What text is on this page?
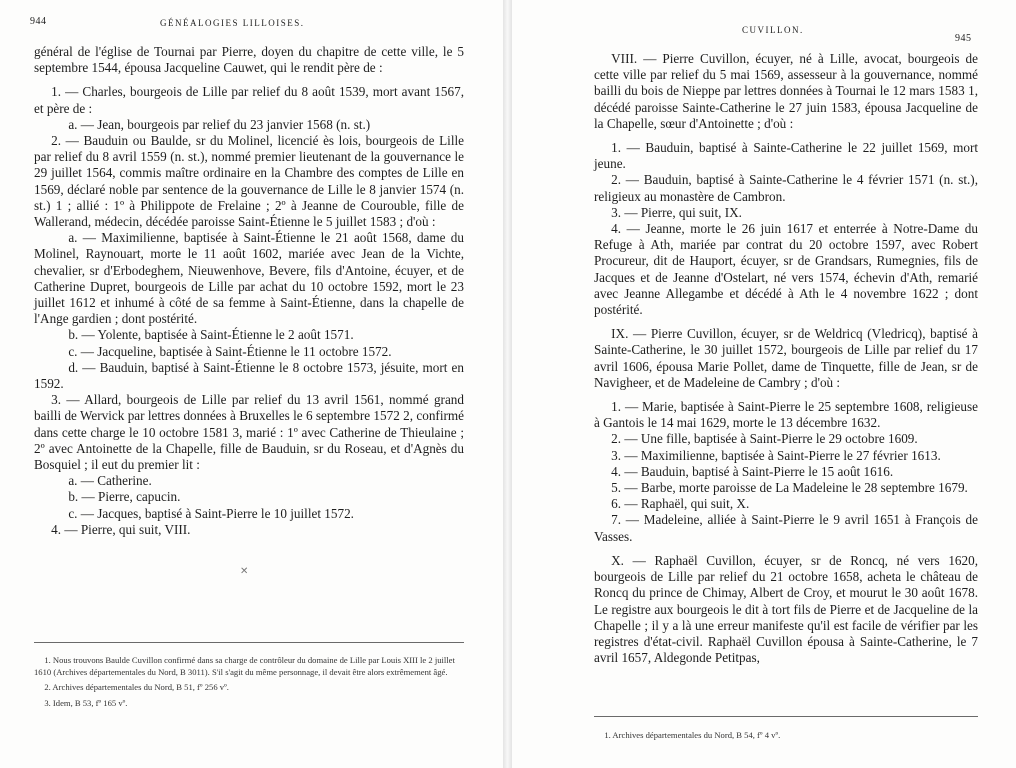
944	GÉNÉALOGIES LILLOISES.

général de l'église de Tournai par Pierre, doyen du chapitre de cette ville, le 5 septembre 1544, épousa Jacqueline Cauwet, qui le rendit père de :

1. — Charles, bourgeois de Lille par relief du 8 août 1539, mort avant 1567, et père de :

a. — Jean, bourgeois par relief du 23 janvier 1568 (n. st.)

2. — Bauduin ou Baulde, sr du Molinel, licencié ès lois, bourgeois de Lille par relief du 8 avril 1559 (n. st.), nommé premier lieutenant de la gouvernance le 29 juillet 1564, commis maître ordinaire en la Chambre des comptes de Lille en 1569, déclaré noble par sentence de la gouvernance de Lille le 8 janvier 1574 (n. st.) 1 ; allié : 1º à Philippote de Frelaine ; 2º à Jeanne de Courouble, fille de Wallerand, médecin, décédée paroisse Saint-Étienne le 5 juillet 1583 ; d'où :

a. — Maximilienne, baptisée à Saint-Étienne le 21 août 1568, dame du Molinel, Raynouart, morte le 11 août 1602, mariée avec Jean de la Vichte, chevalier, sr d'Erbodeghem, Nieuwenhove, Bevere, fils d'Antoine, écuyer, et de Catherine Dupret, bourgeois de Lille par achat du 10 octobre 1592, mort le 23 juillet 1612 et inhumé à côté de sa femme à Saint-Étienne, dans la chapelle de l'Ange gardien ; dont postérité.

b. — Yolente, baptisée à Saint-Étienne le 2 août 1571.

c. — Jacqueline, baptisée à Saint-Étienne le 11 octobre 1572.

d. — Bauduin, baptisé à Saint-Étienne le 8 octobre 1573, jésuite, mort en 1592.

3. — Allard, bourgeois de Lille par relief du 13 avril 1561, nommé grand bailli de Wervick par lettres données à Bruxelles le 6 septembre 1572 2, confirmé dans cette charge le 10 octobre 1581 3, marié : 1º avec Catherine de Thieulaine ; 2º avec Antoinette de la Chapelle, fille de Bauduin, sr du Roseau, et d'Agnès du Bosquiel ; il eut du premier lit :

a. — Catherine.

b. — Pierre, capucin.

c. — Jacques, baptisé à Saint-Pierre le 10 juillet 1572.

4. — Pierre, qui suit, VIII.

✕

1. Nous trouvons Baulde Cuvillon confirmé dans sa charge de contrôleur du domaine de Lille par Louis XIII le 2 juillet 1610 (Archives départementales du Nord, B 3011). S'il s'agit du même personnage, il devait être alors extrêmement âgé.

2. Archives départementales du Nord, B 51, fº 256 vº.

3. Idem, B 53, fº 165 vº.

CUVILLON.
945

VIII. — Pierre Cuvillon, écuyer, né à Lille, avocat, bourgeois de cette ville par relief du 5 mai 1569, assesseur à la gouvernance, nommé bailli du bois de Nieppe par lettres données à Tournai le 12 mars 1583 1, décédé paroisse Sainte-Catherine le 27 juin 1583, épousa Jacqueline de la Chapelle, sœur d'Antoinette ; d'où :

1. — Bauduin, baptisé à Sainte-Catherine le 22 juillet 1569, mort jeune.

2. — Bauduin, baptisé à Sainte-Catherine le 4 février 1571 (n. st.), religieux au monastère de Cambron.

3. — Pierre, qui suit, IX.

4. — Jeanne, morte le 26 juin 1617 et enterrée à Notre-Dame du Refuge à Ath, mariée par contrat du 20 octobre 1597, avec Robert Procureur, dit de Hauport, écuyer, sr de Grandsars, Rumegnies, fils de Jacques et de Jeanne d'Ostelart, né vers 1574, échevin d'Ath, remarié avec Jeanne Allegambe et décédé à Ath le 4 novembre 1622 ; dont postérité.

IX. — Pierre Cuvillon, écuyer, sr de Weldricq (Vledricq), baptisé à Sainte-Catherine, le 30 juillet 1572, bourgeois de Lille par relief du 17 avril 1606, épousa Marie Pollet, dame de Tinquette, fille de Jean, sr de Navigheer, et de Madeleine de Cambry ; d'où :

1. — Marie, baptisée à Saint-Pierre le 25 septembre 1608, religieuse à Gantois le 14 mai 1629, morte le 13 décembre 1632.

2. — Une fille, baptisée à Saint-Pierre le 29 octobre 1609.

3. — Maximilienne, baptisée à Saint-Pierre le 27 février 1613.

4. — Bauduin, baptisé à Saint-Pierre le 15 août 1616.

5. — Barbe, morte paroisse de La Madeleine le 28 septembre 1679.

6. — Raphaël, qui suit, X.

7. — Madeleine, alliée à Saint-Pierre le 9 avril 1651 à François de Vasses.

X. — Raphaël Cuvillon, écuyer, sr de Roncq, né vers 1620, bourgeois de Lille par relief du 21 octobre 1658, acheta le château de Roncq du prince de Chimay, Albert de Croy, et mourut le 30 août 1678. Le registre aux bourgeois le dit à tort fils de Pierre et de Jacqueline de la Chapelle ; il y a là une erreur manifeste qu'il est facile de vérifier par les registres d'état-civil. Raphaël Cuvillon épousa à Sainte-Catherine, le 7 avril 1657, Aldegonde Petitpas,

1. Archives départementales du Nord, B 54, fº 4 vº.
